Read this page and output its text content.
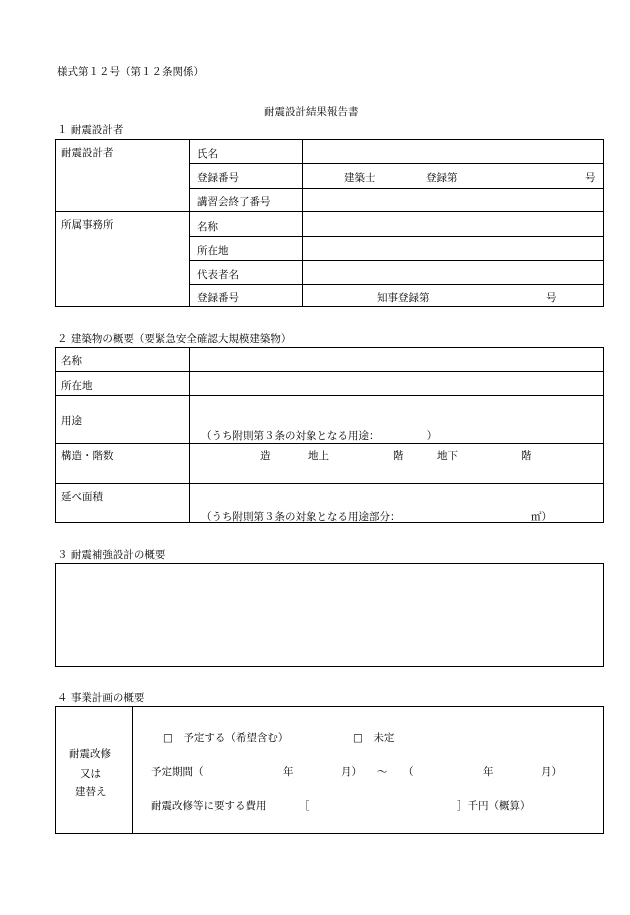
様式第１２号（第１２条関係）
耐震設計結果報告書
１ 耐震設計者
耐震設計者	氏名
登録番号	建築士	登録第	号
講習会終了番号
所属事務所	名称
所在地
代表者名
登録番号	知事登録第	号
２ 建築物の概要（要緊急安全確認大規模建築物）
名称
所在地
用途
（うち附則第３条の対象となる用途：　　　　　）
構造・階数	造	地上	階	地下	階
延べ面積
（うち附則第３条の対象となる用途部分：	㎡）
３ 耐震補強設計の概要
４ 事業計画の概要
耐震改修
又は
建替え
□　予定する（希望含む）	□　未定
予定期間（	年	月） ～ （	年	月）
耐震改修等に要する費用	［	］千円（概算）
